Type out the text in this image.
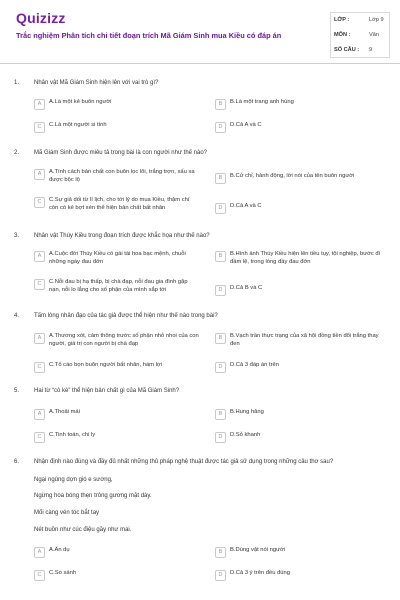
Quizizz
Trắc nghiệm Phân tích chi tiết đoạn trích Mã Giám Sinh mua Kiều có đáp án
LỚP :	Lớp 9
MÔN :	Văn
SỐ CÂU : 9
1. Nhân vật Mã Giám Sinh hiện lên với vai trò gì?
A	A.Là một kẻ buôn người	B	B.Là một trang anh hùng
C	C.Là một người si tình	D	D.Cả A và C
2. Mã Giám Sinh được miêu tả trong bài là con người như thế nào?
A	A.Tính cách bản chất con buôn lọc lõi, trắng trợn, xấu xa được bộc lộ	B	B.Cử chỉ, hành động, lời nói của tên buôn người
C	C.Sự giả dối từ lí lịch, cho tới lý do mua Kiều, thậm chí còn có kẻ bợt xén thể hiện bản chất bất nhân	D	D.Cả A và C
3. Nhân vật Thúy Kiều trong đoạn trích được khắc họa như thế nào?
A	A.Cuộc đời Thúy Kiều có gái tài hoa bạc mệnh, chuỗi những ngày đau đớn
B	B.Hình ảnh Thúy Kiều hiện lên tiều tụy, tội nghiệp, bước đi đầm lệ, trong lòng đầy đau đớn
C	C.Nỗi đau bị hạ thấp, bị chà đạp, nỗi đau gia đình gặp nạn, nỗi lo lắng cho số phận của mình sắp tới	D	D.Cả B và C
4. Tấm lòng nhân đạo của tác giả được thể hiện như thế nào trong bài?
A	A.Thương xót, cảm thông trước số phận nhỏ nhoi của con người, giá trị con người bị chà đạp
B	B.Vạch trần thực trạng của xã hội đồng tiền đổi trắng thay đen
C	C.Tố cáo bọn buôn người bất nhân, hám lợi	D	D.Cả 3 đáp án trên
5. Hai từ “cò kè” thể hiện bản chất gì của Mã Giám Sinh?
A	A.Thoải mái	B	B.Hung hăng
C	C.Tinh toán, chi ly	D	D.Sỏ khanh
6. Nhận định nào đúng và đầy đủ nhất những thủ pháp nghệ thuật được tác giả sử dụng trong những câu thơ sau?
Ngại ngùng dợn gió e sương,
Ngừng hoa bóng thẹn trông gương mặt dày.
Mối càng vén tóc bắt tay
Nét buồn như cúc điệu gầy như mai.
A	A.Ẩn dụ	B	B.Dùng vật nói người
C	C.So sánh	D	D.Cả 3 ý trên đều đúng
